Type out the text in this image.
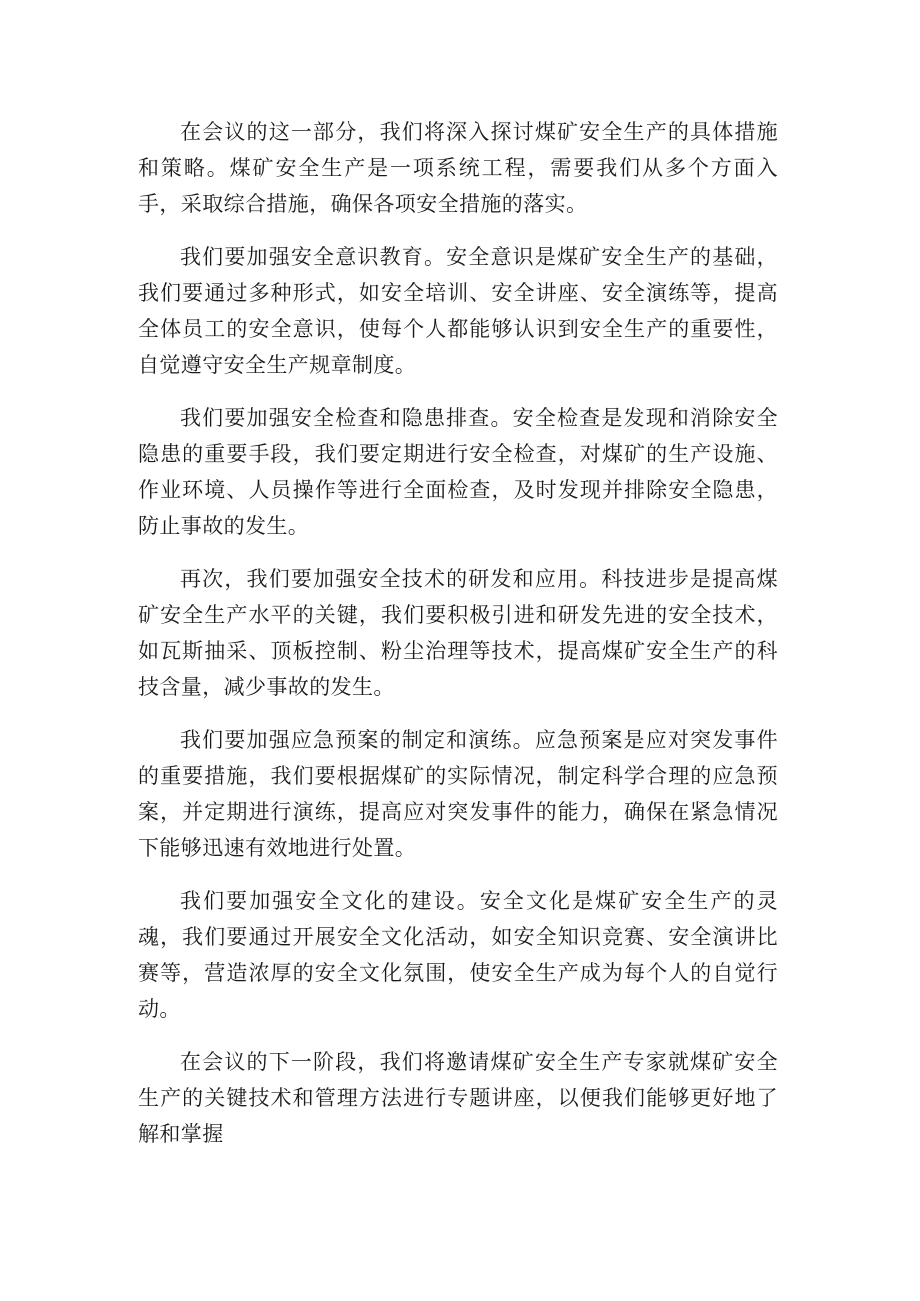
在会议的这一部分，我们将深入探讨煤矿安全生产的具体措施和策略。煤矿安全生产是一项系统工程，需要我们从多个方面入手，采取综合措施，确保各项安全措施的落实。

我们要加强安全意识教育。安全意识是煤矿安全生产的基础，我们要通过多种形式，如安全培训、安全讲座、安全演练等，提高全体员工的安全意识，使每个人都能够认识到安全生产的重要性，自觉遵守安全生产规章制度。

我们要加强安全检查和隐患排查。安全检查是发现和消除安全隐患的重要手段，我们要定期进行安全检查，对煤矿的生产设施、作业环境、人员操作等进行全面检查，及时发现并排除安全隐患，防止事故的发生。

再次，我们要加强安全技术的研发和应用。科技进步是提高煤矿安全生产水平的关键，我们要积极引进和研发先进的安全技术，如瓦斯抽采、顶板控制、粉尘治理等技术，提高煤矿安全生产的科技含量，减少事故的发生。

我们要加强应急预案的制定和演练。应急预案是应对突发事件的重要措施，我们要根据煤矿的实际情况，制定科学合理的应急预案，并定期进行演练，提高应对突发事件的能力，确保在紧急情况下能够迅速有效地进行处置。

我们要加强安全文化的建设。安全文化是煤矿安全生产的灵魂，我们要通过开展安全文化活动，如安全知识竞赛、安全演讲比赛等，营造浓厚的安全文化氛围，使安全生产成为每个人的自觉行动。

在会议的下一阶段，我们将邀请煤矿安全生产专家就煤矿安全生产的关键技术和管理方法进行专题讲座，以便我们能够更好地了解和掌握
